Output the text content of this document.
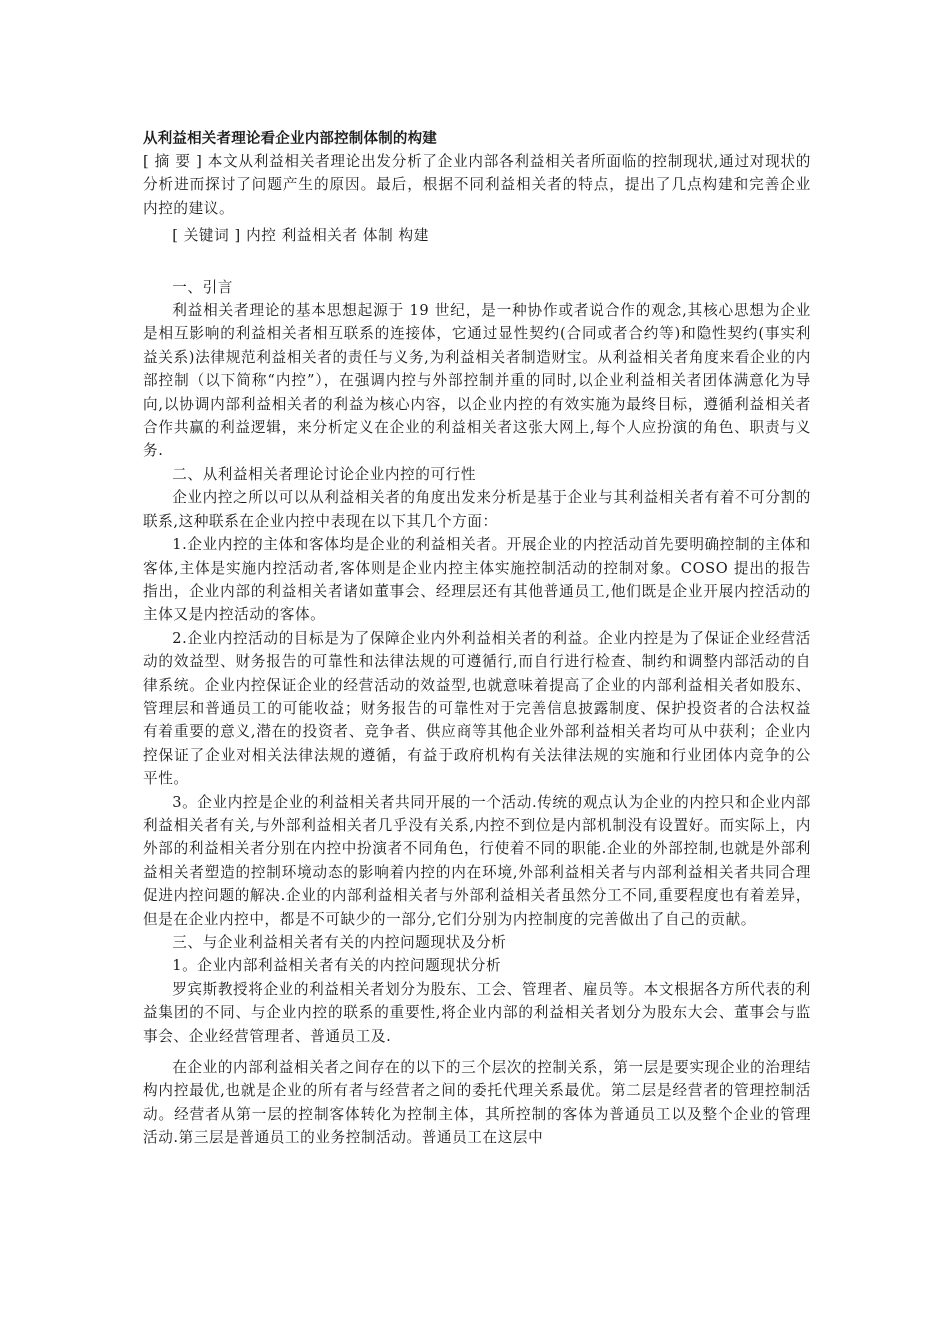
从利益相关者理论看企业内部控制体制的构建

[ 摘 要 ] 本文从利益相关者理论出发分析了企业内部各利益相关者所面临的控制现状,通过对现状的分析进而探讨了问题产生的原因。最后，根据不同利益相关者的特点，提出了几点构建和完善企业内控的建议。

[ 关键词 ] 内控 利益相关者 体制 构建

一、引言

利益相关者理论的基本思想起源于 19 世纪，是一种协作或者说合作的观念,其核心思想为企业是相互影响的利益相关者相互联系的连接体，它通过显性契约(合同或者合约等)和隐性契约(事实利益关系)法律规范利益相关者的责任与义务,为利益相关者制造财宝。从利益相关者角度来看企业的内部控制（以下简称“内控”），在强调内控与外部控制并重的同时,以企业利益相关者团体满意化为导向,以协调内部利益相关者的利益为核心内容，以企业内控的有效实施为最终目标，遵循利益相关者合作共赢的利益逻辑，来分析定义在企业的利益相关者这张大网上,每个人应扮演的角色、职责与义务.

二、从利益相关者理论讨论企业内控的可行性

企业内控之所以可以从利益相关者的角度出发来分析是基于企业与其利益相关者有着不可分割的联系,这种联系在企业内控中表现在以下其几个方面：

1.企业内控的主体和客体均是企业的利益相关者。开展企业的内控活动首先要明确控制的主体和客体,主体是实施内控活动者,客体则是企业内控主体实施控制活动的控制对象。COSO 提出的报告指出，企业内部的利益相关者诸如董事会、经理层还有其他普通员工,他们既是企业开展内控活动的主体又是内控活动的客体。

2.企业内控活动的目标是为了保障企业内外利益相关者的利益。企业内控是为了保证企业经营活动的效益型、财务报告的可靠性和法律法规的可遵循行,而自行进行检查、制约和调整内部活动的自律系统。企业内控保证企业的经营活动的效益型,也就意味着提高了企业的内部利益相关者如股东、管理层和普通员工的可能收益；财务报告的可靠性对于完善信息披露制度、保护投资者的合法权益有着重要的意义,潜在的投资者、竞争者、供应商等其他企业外部利益相关者均可从中获利；企业内控保证了企业对相关法律法规的遵循，有益于政府机构有关法律法规的实施和行业团体内竞争的公平性。

3。企业内控是企业的利益相关者共同开展的一个活动.传统的观点认为企业的内控只和企业内部利益相关者有关,与外部利益相关者几乎没有关系,内控不到位是内部机制没有设置好。而实际上，内外部的利益相关者分别在内控中扮演者不同角色，行使着不同的职能.企业的外部控制,也就是外部利益相关者塑造的控制环境动态的影响着内控的内在环境,外部利益相关者与内部利益相关者共同合理促进内控问题的解决.企业的内部利益相关者与外部利益相关者虽然分工不同,重要程度也有着差异，但是在企业内控中，都是不可缺少的一部分,它们分别为内控制度的完善做出了自己的贡献。

三、与企业利益相关者有关的内控问题现状及分析

1。企业内部利益相关者有关的内控问题现状分析

罗宾斯教授将企业的利益相关者划分为股东、工会、管理者、雇员等。本文根据各方所代表的利益集团的不同、与企业内控的联系的重要性,将企业内部的利益相关者划分为股东大会、董事会与监事会、企业经营管理者、普通员工及.

在企业的内部利益相关者之间存在的以下的三个层次的控制关系，第一层是要实现企业的治理结构内控最优,也就是企业的所有者与经营者之间的委托代理关系最优。第二层是经营者的管理控制活动。经营者从第一层的控制客体转化为控制主体，其所控制的客体为普通员工以及整个企业的管理活动.第三层是普通员工的业务控制活动。普通员工在这层中
